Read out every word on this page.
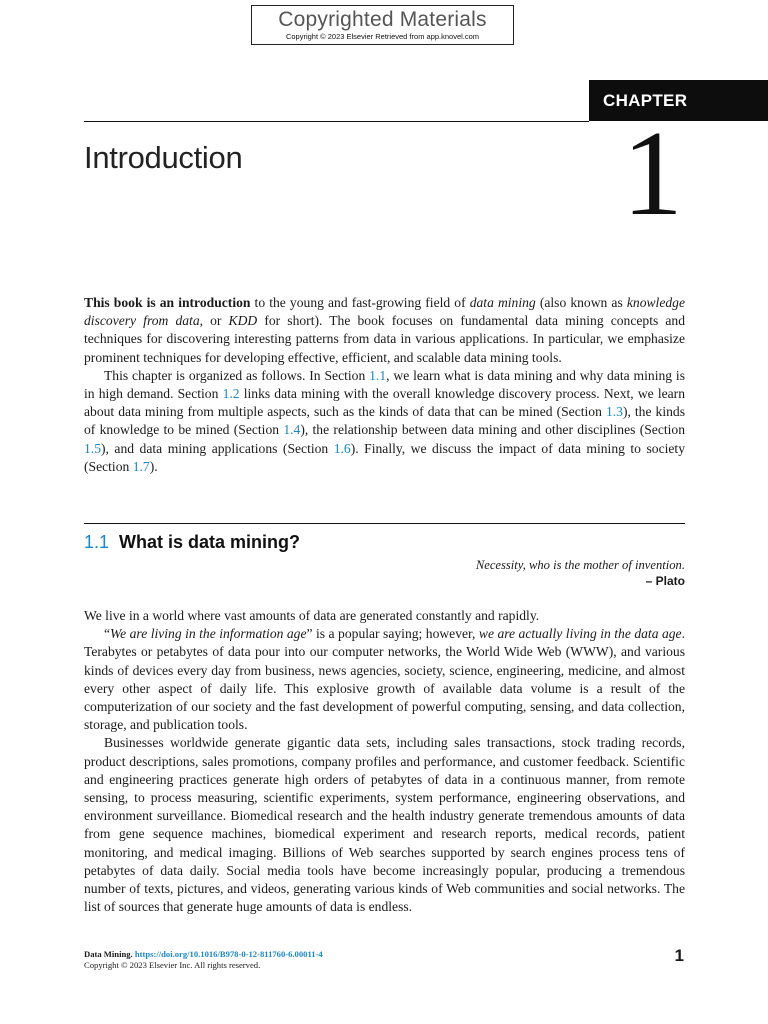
Copyrighted Materials
Copyright © 2023 Elsevier Retrieved from app.knovel.com
CHAPTER
Introduction	1

This book is an introduction to the young and fast-growing field of data mining (also known as knowledge discovery from data, or KDD for short). The book focuses on fundamental data mining concepts and techniques for discovering interesting patterns from data in various applications. In particular, we emphasize prominent techniques for developing effective, efficient, and scalable data mining tools.

This chapter is organized as follows. In Section 1.1, we learn what is data mining and why data mining is in high demand. Section 1.2 links data mining with the overall knowledge discovery process. Next, we learn about data mining from multiple aspects, such as the kinds of data that can be mined (Section 1.3), the kinds of knowledge to be mined (Section 1.4), the relationship between data mining and other disciplines (Section 1.5), and data mining applications (Section 1.6). Finally, we discuss the impact of data mining to society (Section 1.7).

1.1 What is data mining?
Necessity, who is the mother of invention.
– Plato

We live in a world where vast amounts of data are generated constantly and rapidly.

“We are living in the information age” is a popular saying; however, we are actually living in the data age. Terabytes or petabytes of data pour into our computer networks, the World Wide Web (WWW), and various kinds of devices every day from business, news agencies, society, science, engineering, medicine, and almost every other aspect of daily life. This explosive growth of available data volume is a result of the computerization of our society and the fast development of powerful computing, sensing, and data collection, storage, and publication tools.

Businesses worldwide generate gigantic data sets, including sales transactions, stock trading records, product descriptions, sales promotions, company profiles and performance, and customer feedback. Scientific and engineering practices generate high orders of petabytes of data in a continuous manner, from remote sensing, to process measuring, scientific experiments, system performance, engineering observations, and environment surveillance. Biomedical research and the health industry generate tremendous amounts of data from gene sequence machines, biomedical experiment and research reports, medical records, patient monitoring, and medical imaging. Billions of Web searches supported by search engines process tens of petabytes of data daily. Social media tools have become increasingly popular, producing a tremendous number of texts, pictures, and videos, generating various kinds of Web communities and social networks. The list of sources that generate huge amounts of data is endless.

Data Mining. https://doi.org/10.1016/B978-0-12-811760-6.00011-4
Copyright © 2023 Elsevier Inc. All rights reserved.	1
